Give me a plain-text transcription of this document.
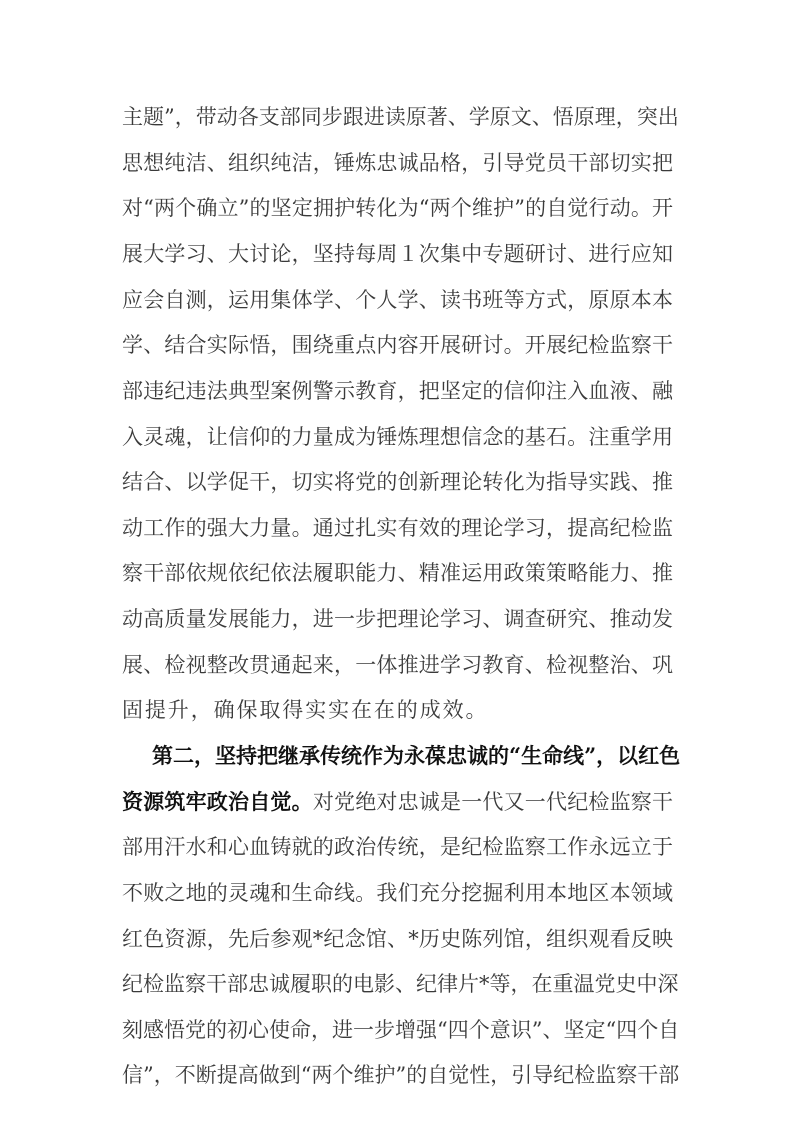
主题”，带动各支部同步跟进读原著、学原文、悟原理，突出
思想纯洁、组织纯洁，锤炼忠诚品格，引导党员干部切实把
对“两个确立”的坚定拥护转化为“两个维护”的自觉行动。开
展大学习、大讨论，坚持每周１次集中专题研讨、进行应知
应会自测，运用集体学、个人学、读书班等方式，原原本本
学、结合实际悟，围绕重点内容开展研讨。开展纪检监察干
部违纪违法典型案例警示教育，把坚定的信仰注入血液、融
入灵魂，让信仰的力量成为锤炼理想信念的基石。注重学用
结合、以学促干，切实将党的创新理论转化为指导实践、推
动工作的强大力量。通过扎实有效的理论学习，提高纪检监
察干部依规依纪依法履职能力、精准运用政策策略能力、推
动高质量发展能力，进一步把理论学习、调查研究、推动发
展、检视整改贯通起来，一体推进学习教育、检视整治、巩
固提升，确保取得实实在在的成效。
第二，坚持把继承传统作为永葆忠诚的“生命线”，以红色
资源筑牢政治自觉。对党绝对忠诚是一代又一代纪检监察干
部用汗水和心血铸就的政治传统，是纪检监察工作永远立于
不败之地的灵魂和生命线。我们充分挖掘利用本地区本领域
红色资源，先后参观*纪念馆、*历史陈列馆，组织观看反映
纪检监察干部忠诚履职的电影、纪律片*等，在重温党史中深
刻感悟党的初心使命，进一步增强“四个意识”、坚定“四个自
信”，不断提高做到“两个维护”的自觉性，引导纪检监察干部
